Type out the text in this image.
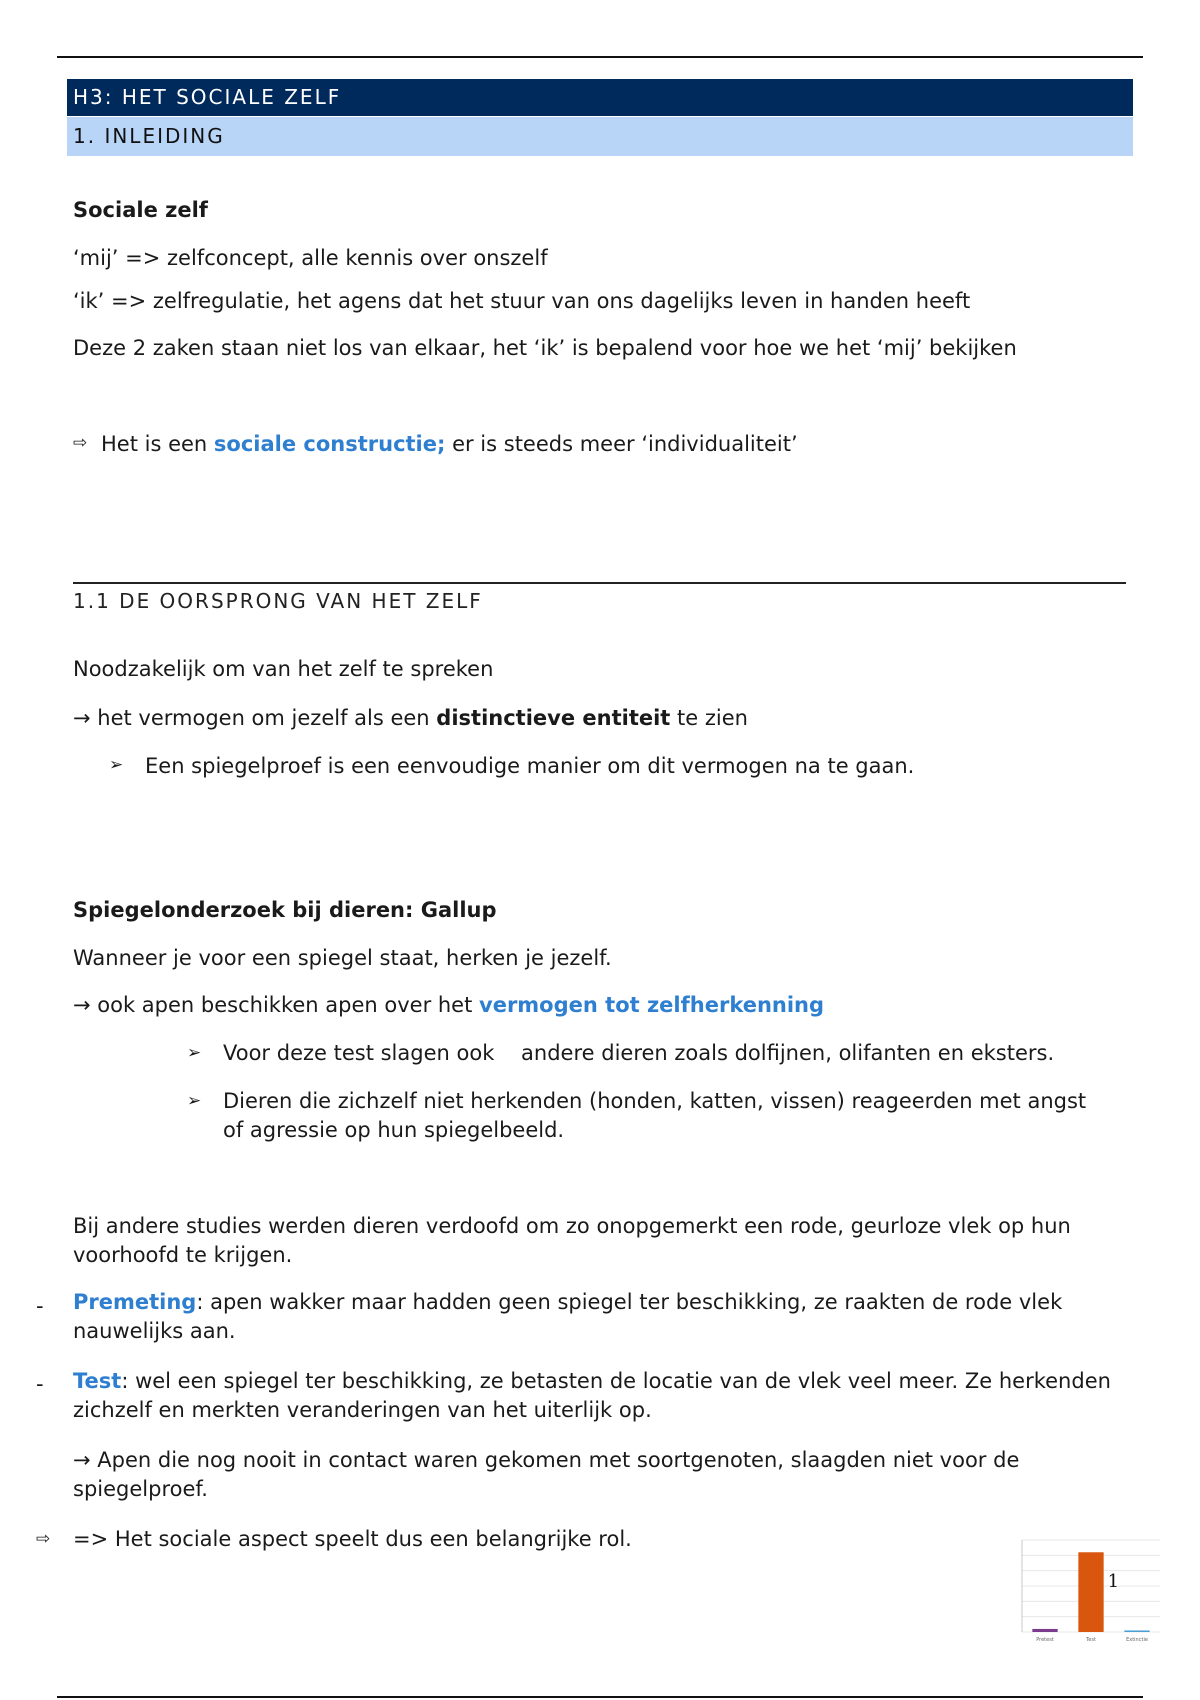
H3: HET SOCIALE ZELF
1. INLEIDING
Sociale zelf
‘mij’ => zelfconcept, alle kennis over onszelf
‘ik’ => zelfregulatie, het agens dat het stuur van ons dagelijks leven in handen heeft
Deze 2 zaken staan niet los van elkaar, het ‘ik’ is bepalend voor hoe we het ‘mij’ bekijken
⇨ Het is een sociale constructie; er is steeds meer ‘individualiteit’
1.1 DE OORSPRONG VAN HET ZELF
Noodzakelijk om van het zelf te spreken
→ het vermogen om jezelf als een distinctieve entiteit te zien
➢ Een spiegelproef is een eenvoudige manier om dit vermogen na te gaan.
Spiegelonderzoek bij dieren: Gallup
Wanneer je voor een spiegel staat, herken je jezelf.
→ ook apen beschikken apen over het vermogen tot zelfherkenning
➢ Voor deze test slagen ook    andere dieren zoals dolfijnen, olifanten en eksters.
➢ Dieren die zichzelf niet herkenden (honden, katten, vissen) reageerden met angst of agressie op hun spiegelbeeld.
Bij andere studies werden dieren verdoofd om zo onopgemerkt een rode, geurloze vlek op hun voorhoofd te krijgen.
- Premeting: apen wakker maar hadden geen spiegel ter beschikking, ze raakten de rode vlek nauwelijks aan.
- Test: wel een spiegel ter beschikking, ze betasten de locatie van de vlek veel meer. Ze herkenden zichzelf en merkten veranderingen van het uiterlijk op.
→ Apen die nog nooit in contact waren gekomen met soortgenoten, slaagden niet voor de spiegelproef.
⇨ => Het sociale aspect speelt dus een belangrijke rol.
Pretest	Test	Extinctie
1
